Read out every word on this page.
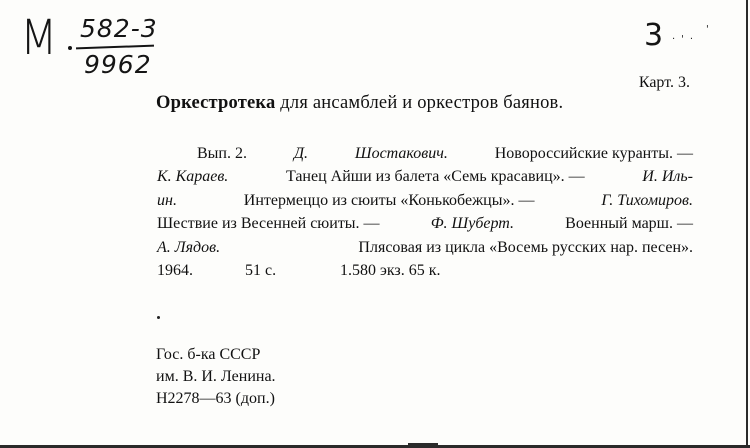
М 582-3
9962
3 ·'·
'
Карт. 3.
Оркестротека для ансамблей и оркестров баянов.
Вып. 2.	Д.	Шостакович.	Новороссийские куранты. —
К. Караев.	Танец Айши из балета «Семь красавиц». —	И. Иль-
ин.	Интермеццо из сюиты «Конькобежцы». —	Г. Тихомиров.
Шествие из Весенней сюиты. —	Ф. Шуберт.	Военный марш. —
А. Лядов.	Плясовая из цикла «Восемь русских нар. песен».
1964.	51 с.	1.580 экз. 65 к.
Гос. б-ка СССР
им. В. И. Ленина.
Н2278—63 (доп.)
